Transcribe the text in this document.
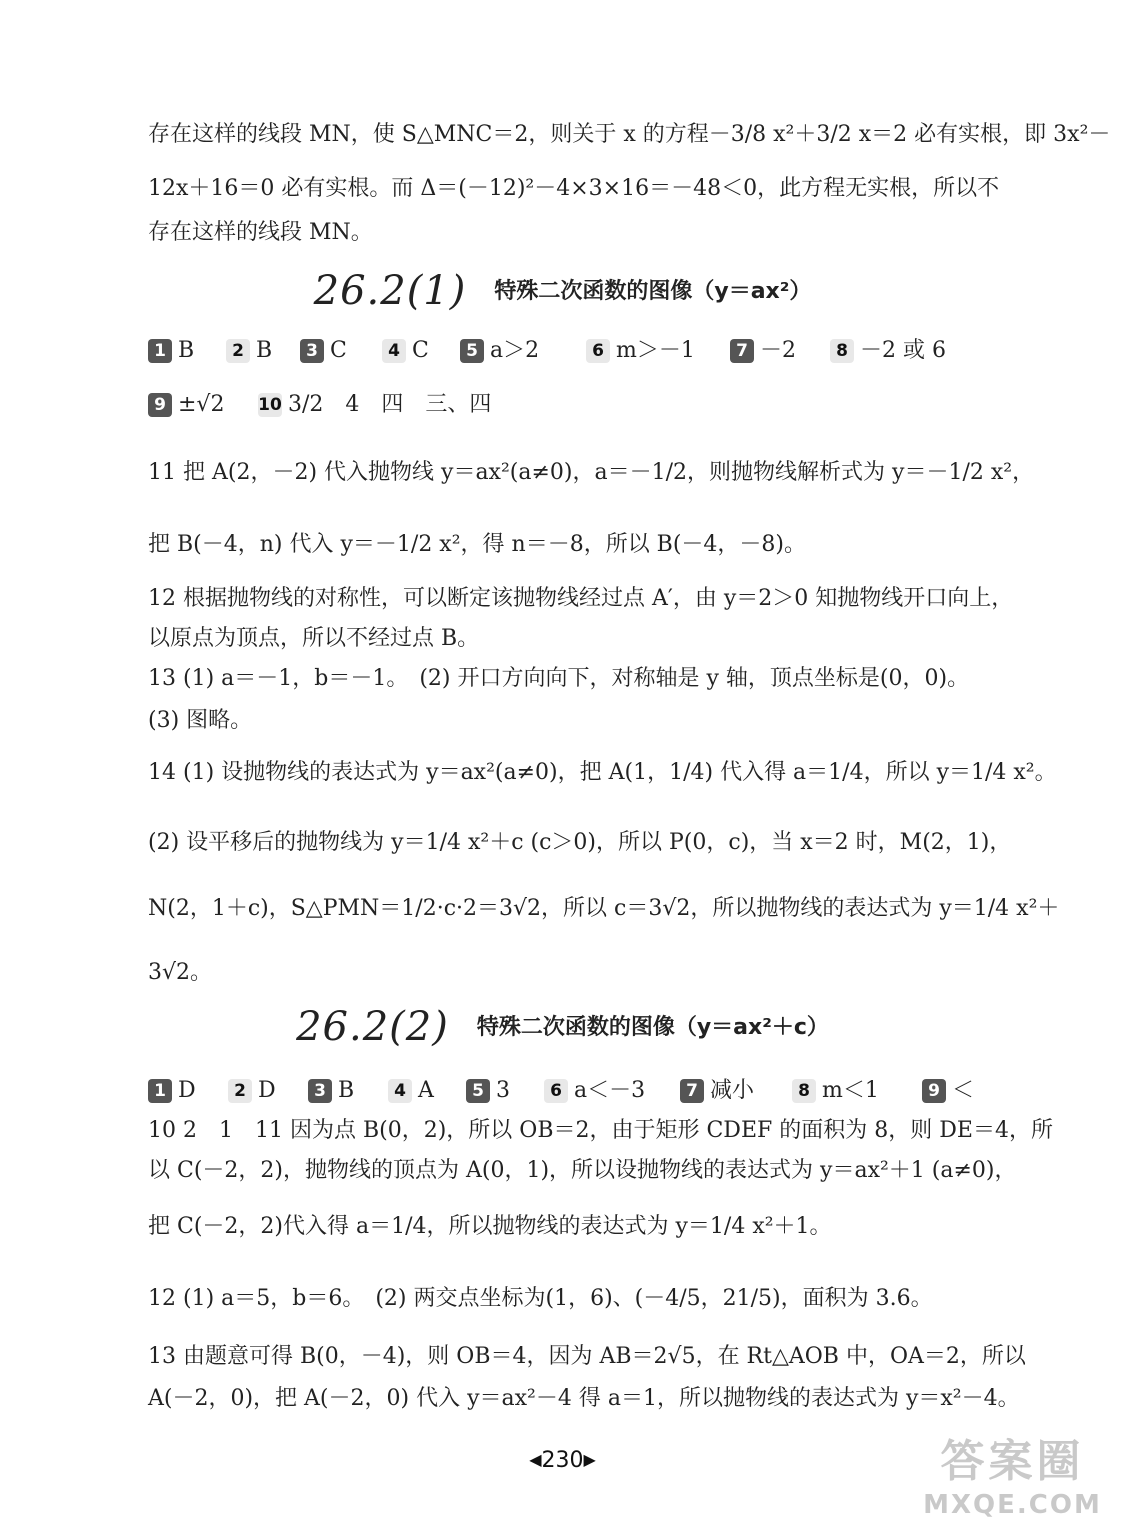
存在这样的线段 MN，使 S△MNC＝2，则关于 x 的方程－3/8 x²＋3/2 x＝2 必有实根，即 3x²－
12x＋16＝0 必有实根。而 Δ＝(－12)²－4×3×16＝－48＜0，此方程无实根，所以不
存在这样的线段 MN。
26.2(1) 特殊二次函数的图像（y＝ax²）
1 B	2 B	3 C	4 C	5 a＞2	6 m＞－1	7 －2	8 －2 或 6
9 ±√2 10 3/2　4　四　三、四
11 把 A(2，－2) 代入抛物线 y＝ax²(a≠0)，a＝－1/2，则抛物线解析式为 y＝－1/2 x²，
把 B(－4，n) 代入 y＝－1/2 x²，得 n＝－8，所以 B(－4，－8)。
12 根据抛物线的对称性，可以断定该抛物线经过点 A′，由 y＝2＞0 知抛物线开口向上，
以原点为顶点，所以不经过点 B。
13 (1) a＝－1，b＝－1。　(2) 开口方向向下，对称轴是 y 轴，顶点坐标是(0，0)。
(3) 图略。
14 (1) 设抛物线的表达式为 y＝ax²(a≠0)，把 A(1，1/4) 代入得 a＝1/4，所以 y＝1/4 x²。
(2) 设平移后的抛物线为 y＝1/4 x²＋c (c＞0)，所以 P(0，c)，当 x＝2 时，M(2，1)，
N(2，1＋c)，S△PMN＝1/2·c·2＝3√2，所以 c＝3√2，所以抛物线的表达式为 y＝1/4 x²＋
3√2。
26.2(2) 特殊二次函数的图像（y＝ax²＋c）
1 D	2 D	3 B	4 A	5 3	6 a＜－3	7 减小	8 m＜1	9 ＜
10 2　1　11 因为点 B(0，2)，所以 OB＝2，由于矩形 CDEF 的面积为 8，则 DE＝4，所
以 C(－2，2)，抛物线的顶点为 A(0，1)，所以设抛物线的表达式为 y＝ax²＋1 (a≠0)，
把 C(－2，2)代入得 a＝1/4，所以抛物线的表达式为 y＝1/4 x²＋1。
12 (1) a＝5，b＝6。　(2) 两交点坐标为(1，6)、(－4/5，21/5)，面积为 3.6。
13 由题意可得 B(0，－4)，则 OB＝4，因为 AB＝2√5，在 Rt△AOB 中，OA＝2，所以
A(－2，0)，把 A(－2，0) 代入 y＝ax²－4 得 a＝1，所以抛物线的表达式为 y＝x²－4。
◀230▶	答案圈
MXQE.COM
